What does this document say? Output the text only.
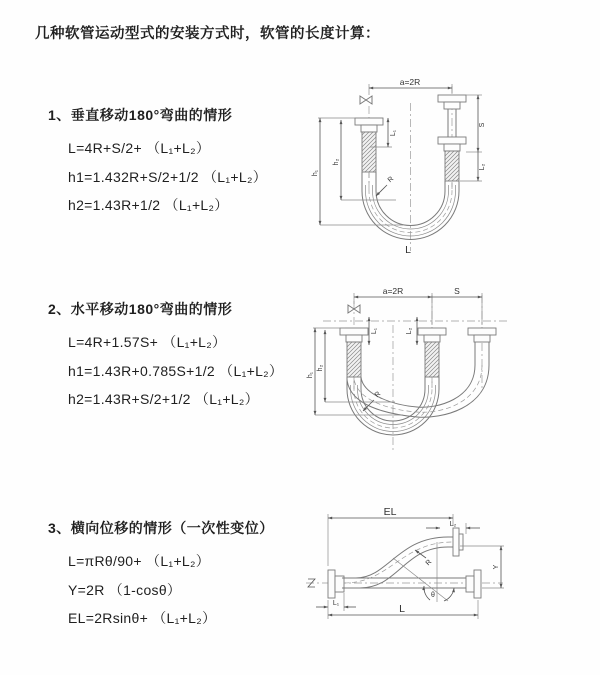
几种软管运动型式的安装方式时，软管的长度计算：
1、垂直移动180°弯曲的情形
L=4R+S/2+ （L₁+L₂）
h1=1.432R+S/2+1/2 （L₁+L₂）
h2=1.43R+1/2 （L₁+L₂）
2、水平移动180°弯曲的情形
L=4R+1.57S+ （L₁+L₂）
h1=1.43R+0.785S+1/2 （L₁+L₂）
h2=1.43R+S/2+1/2 （L₁+L₂）
3、横向位移的情形（一次性变位）
L=πRθ/90+ （L₁+L₂）
Y=2R （1-cosθ）
EL=2Rsinθ+ （L₁+L₂）
a=2R
S
L₂
h₁
h₂
L₁
R
L
a=2R	S
h₁
h₂
L₁	L₂
R
EL
L₂
Y
θ
R
L₁	L
